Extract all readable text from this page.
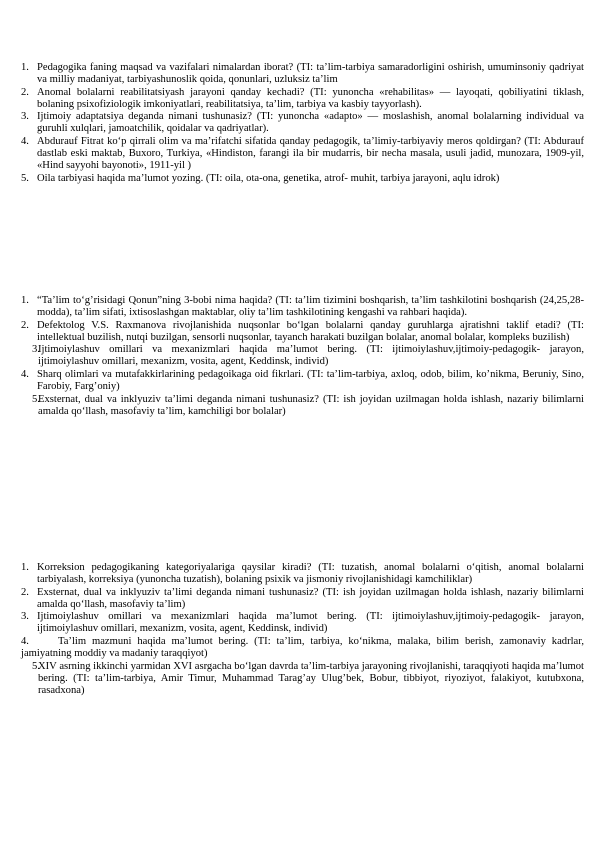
1. Pedagogika faning maqsad va vazifalari nimalardan iborat? (TI: ta’lim-tarbiya samaradorligini oshirish, umuminsoniy qadriyat va milliy madaniyat, tarbiyashunoslik qoida, qonunlari, uzluksiz ta’lim
2. Anomal bolalarni reabilitatsiyash jarayoni qanday kechadi? (TI: yunoncha «rehabilitas» — layoqati, qobiliyatini tiklash, bolaning psixofiziologik imkoniyatlari, reabilitatsiya, ta’lim, tarbiya va kasbiy tayyorlash).
3. Ijtimoiy adaptatsiya deganda nimani tushunasiz? (TI: yunoncha «adapto» — moslashish, anomal bolalarning individual va guruhli xulqlari, jamoatchilik, qoidalar va qadriyatlar).
4. Abdurauf Fitrat ko‘p qirrali olim va ma’rifatchi sifatida qanday pedagogik, ta’limiy-tarbiyaviy meros qoldirgan? (TI: Abdurauf dastlab eski maktab, Buxoro, Turkiya, «Hindiston, farangi ila bir mudarris, bir necha masala, usuli jadid, munozara, 1909-yil, «Hind sayyohi bayonoti», 1911-yil )
5. Oila tarbiyasi haqida ma’lumot yozing. (TI: oila, ota-ona, genetika, atrof- muhit, tarbiya jarayoni, aqlu idrok)
1. “Ta’lim to‘g’risidagi Qonun”ning 3-bobi nima haqida? (TI: ta’lim tizimini boshqarish, ta’lim tashkilotini boshqarish (24,25,28-modda), ta’lim sifati, ixtisoslashgan maktablar, oliy ta’lim tashkilotining kengashi va rahbari haqida).
2. Defektolog V.S. Raxmanova rivojlanishida nuqsonlar bo‘lgan bolalarni qanday guruhlarga ajratishni taklif etadi? (TI: intellektual buzilish, nutqi buzilgan, sensorli nuqsonlar, tayanch harakati buzilgan bolalar, anomal bolalar, kompleks buzilish)
3.
Ijtimoiylashuv omillari va mexanizmlari haqida ma’lumot bering. (TI: ijtimoiylashuv,ijtimoiy-pedagogik- jarayon, ijtimoiylashuv omillari, mexanizm, vosita, agent, Keddinsk, individ)
4. Sharq olimlari va mutafakkirlarining pedagoikaga oid fikrlari. (TI: ta’lim-tarbiya, axloq, odob, bilim, ko’nikma, Beruniy, Sino, Farobiy, Farg’oniy)
5.
Exsternat, dual va inklyuziv ta’limi deganda nimani tushunasiz? (TI: ish joyidan uzilmagan holda ishlash, nazariy bilimlarni amalda qo‘llash, masofaviy ta’lim, kamchiligi bor bolalar)
1. Korreksion pedagogikaning kategoriyalariga qaysilar kiradi? (TI: tuzatish, anomal bolalarni o‘qitish, anomal bolalarni tarbiyalash, korreksiya (yunoncha tuzatish), bolaning psixik va jismoniy rivojlanishidagi kamchiliklar)
2. Exsternat, dual va inklyuziv ta’limi deganda nimani tushunasiz? (TI: ish joyidan uzilmagan holda ishlash, nazariy bilimlarni amalda qo‘llash, masofaviy ta’lim)
3. Ijtimoiylashuv omillari va mexanizmlari haqida ma’lumot bering. (TI: ijtimoiylashuv,ijtimoiy-pedagogik- jarayon, ijtimoiylashuv omillari, mexanizm, vosita, agent, Keddinsk, individ)
4.	Ta’lim mazmuni haqida ma’lumot bering. (TI: ta’lim, tarbiya, ko‘nikma, malaka, bilim berish, zamonaviy kadrlar, jamiyatning moddiy va madaniy taraqqiyot)
5.
XIV asrning ikkinchi yarmidan XVI asrgacha bo‘lgan davrda ta’lim-tarbiya jarayoning rivojlanishi, taraqqiyoti haqida ma’lumot bering. (TI: ta’lim-tarbiya, Amir Timur, Muhammad Tarag’ay Ulug’bek, Bobur, tibbiyot, riyoziyot, falakiyot, kutubxona, rasadxona)
